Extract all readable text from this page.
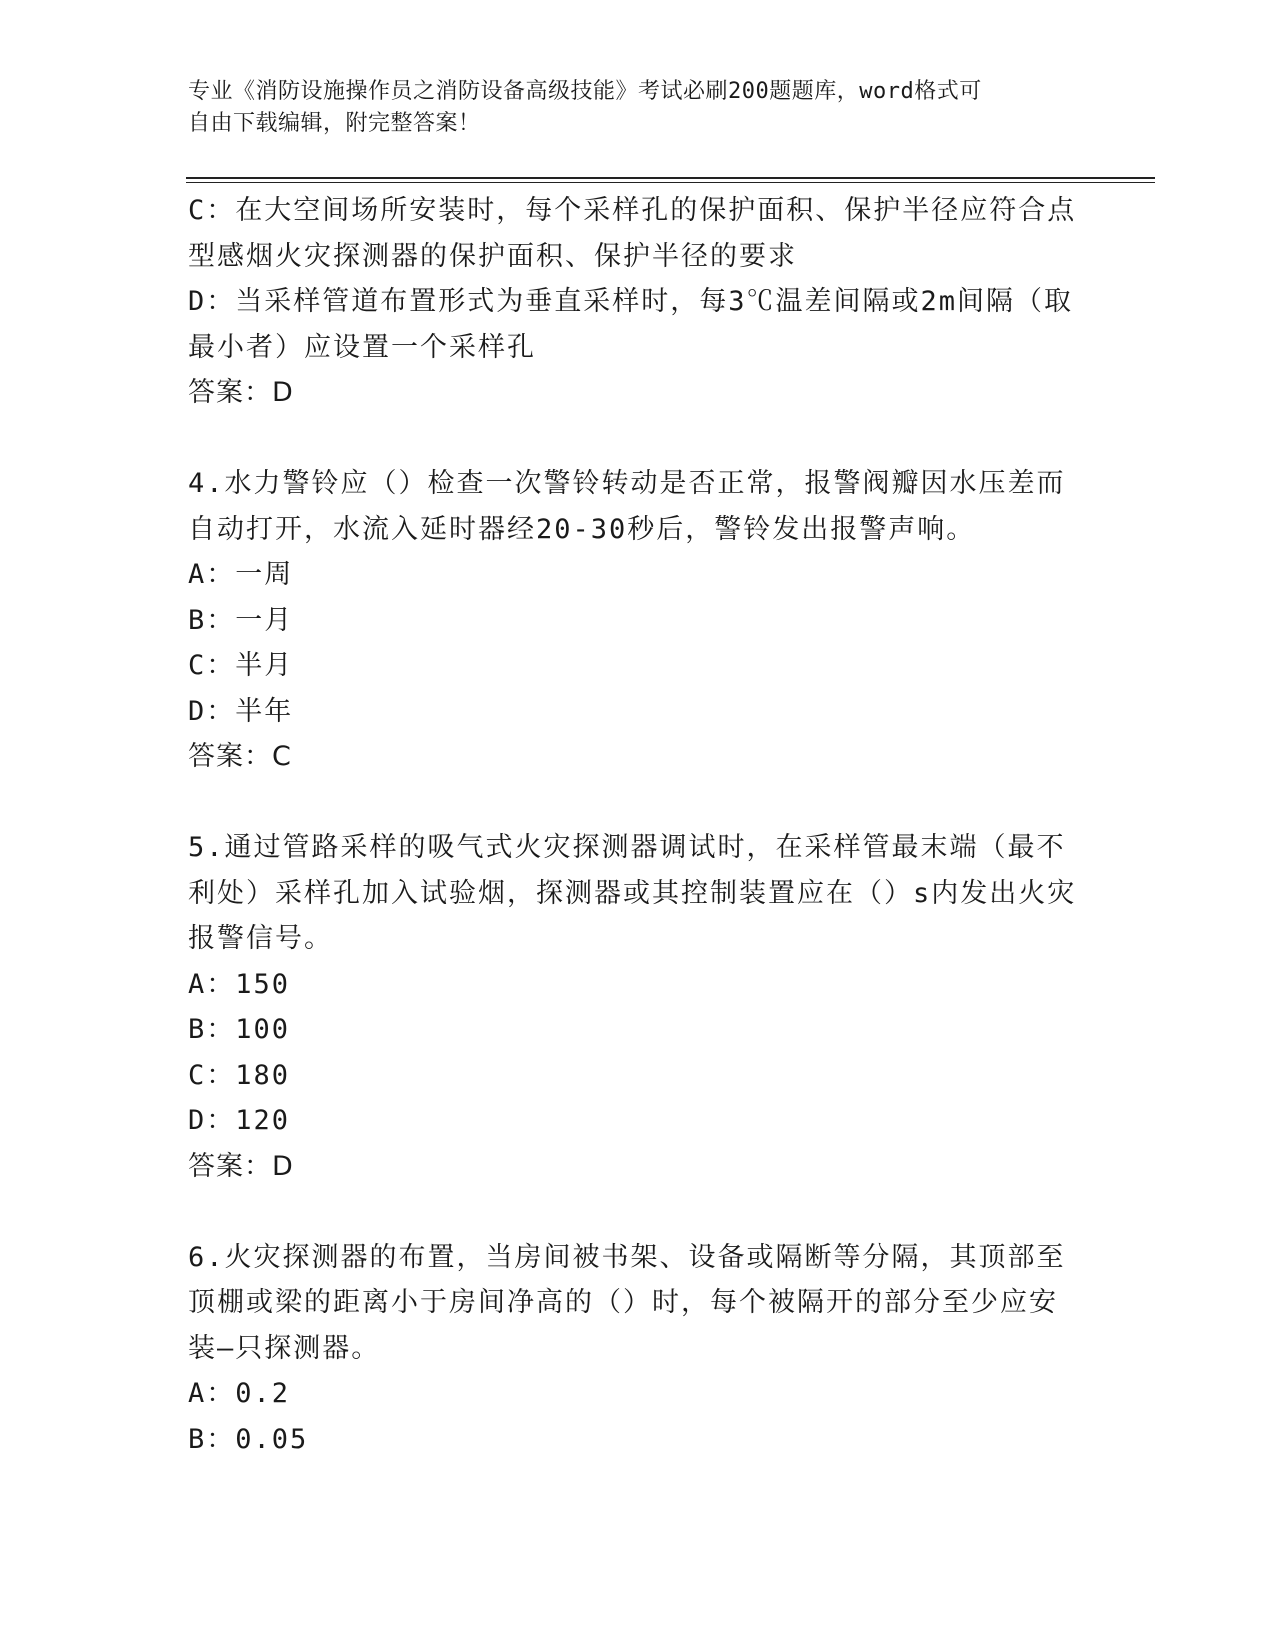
专业《消防设施操作员之消防设备高级技能》考试必刷200题题库，word格式可
自由下载编辑，附完整答案！
C：在大空间场所安装时，每个采样孔的保护面积、保护半径应符合点
型感烟火灾探测器的保护面积、保护半径的要求
D：当采样管道布置形式为垂直采样时，每3℃温差间隔或2m间隔（取
最小者）应设置一个采样孔
答案：D
4.水力警铃应（）检查一次警铃转动是否正常，报警阀瓣因水压差而
自动打开，水流入延时器经20-30秒后，警铃发出报警声响。
A：一周
B：一月
C：半月
D：半年
答案：C
5.通过管路采样的吸气式火灾探测器调试时，在采样管最末端（最不
利处）采样孔加入试验烟，探测器或其控制装置应在（）s内发出火灾
报警信号。
A：150
B：100
C：180
D：120
答案：D
6.火灾探测器的布置，当房间被书架、设备或隔断等分隔，其顶部至
顶棚或梁的距离小于房间净高的（）时，每个被隔开的部分至少应安
装—只探测器。
A：0.2
B：0.05
